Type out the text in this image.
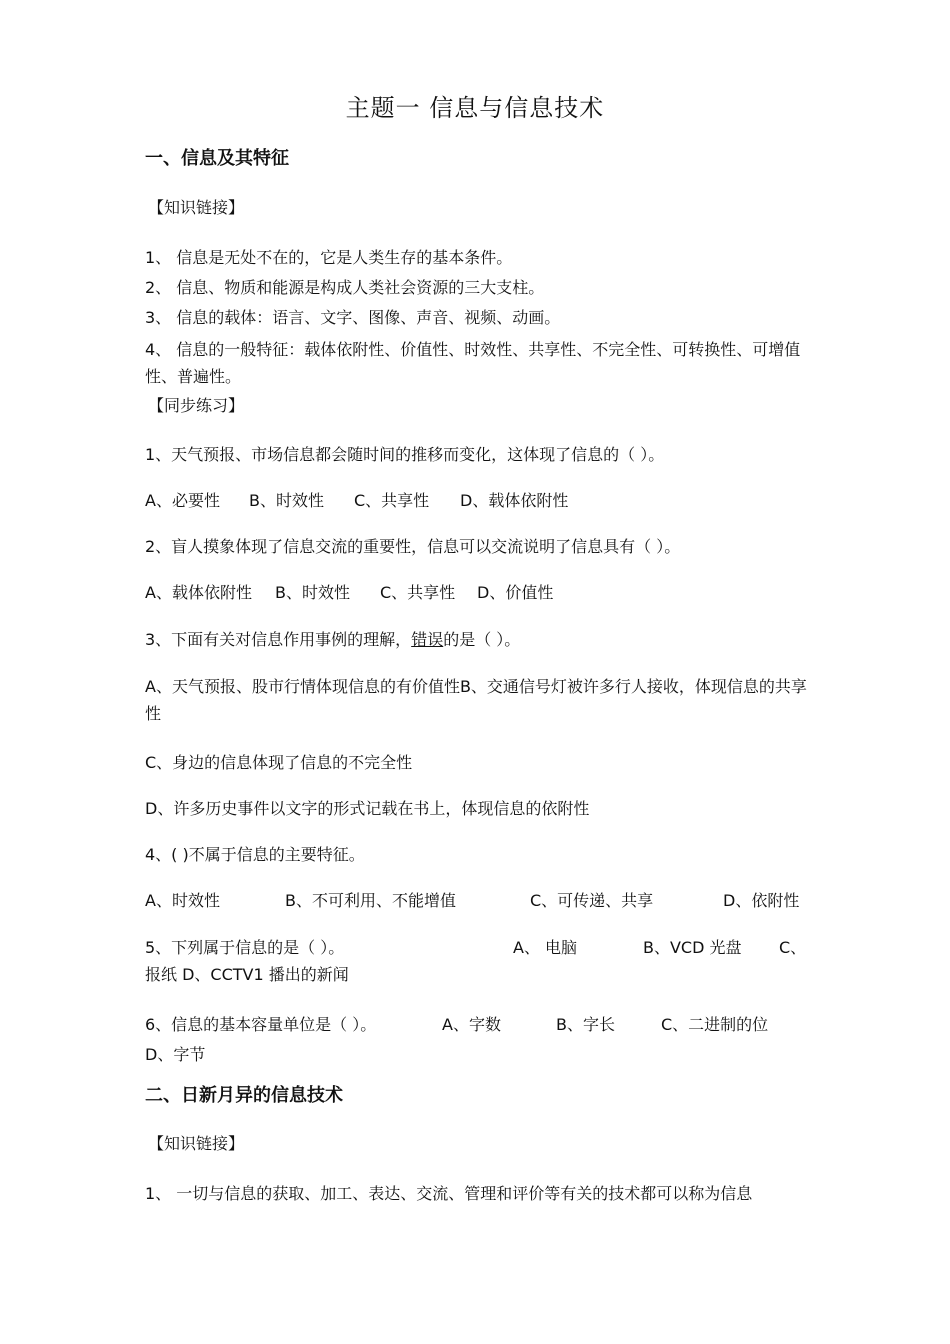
主题一 信息与信息技术
一、信息及其特征
【知识链接】
1、 信息是无处不在的，它是人类生存的基本条件。
2、 信息、物质和能源是构成人类社会资源的三大支柱。
3、 信息的载体：语言、文字、图像、声音、视频、动画。
4、 信息的一般特征：载体依附性、价值性、时效性、共享性、不完全性、可转换性、可增值性、普遍性。
【同步练习】
1、天气预报、市场信息都会随时间的推移而变化，这体现了信息的（ ）。
A、必要性 B、时效性 C、共享性 D、载体依附性
2、盲人摸象体现了信息交流的重要性，信息可以交流说明了信息具有（ ）。
A、载体依附性 B、时效性 C、共享性 D、价值性
3、下面有关对信息作用事例的理解，错误的是（ ）。
A、天气预报、股市行情体现信息的有价值性B、交通信号灯被许多行人接收，体现信息的共享性
C、身边的信息体现了信息的不完全性
D、许多历史事件以文字的形式记载在书上，体现信息的依附性
4、( )不属于信息的主要特征。
A、时效性	B、不可利用、不能增值	C、可传递、共享	D、依附性
5、下列属于信息的是（ ）。	A、 电脑	B、VCD 光盘 C、
报纸 D、CCTV1 播出的新闻
6、信息的基本容量单位是（ ）。	A、字数	B、字长	C、二进制的位
D、字节
二、日新月异的信息技术
【知识链接】
1、 一切与信息的获取、加工、表达、交流、管理和评价等有关的技术都可以称为信息
